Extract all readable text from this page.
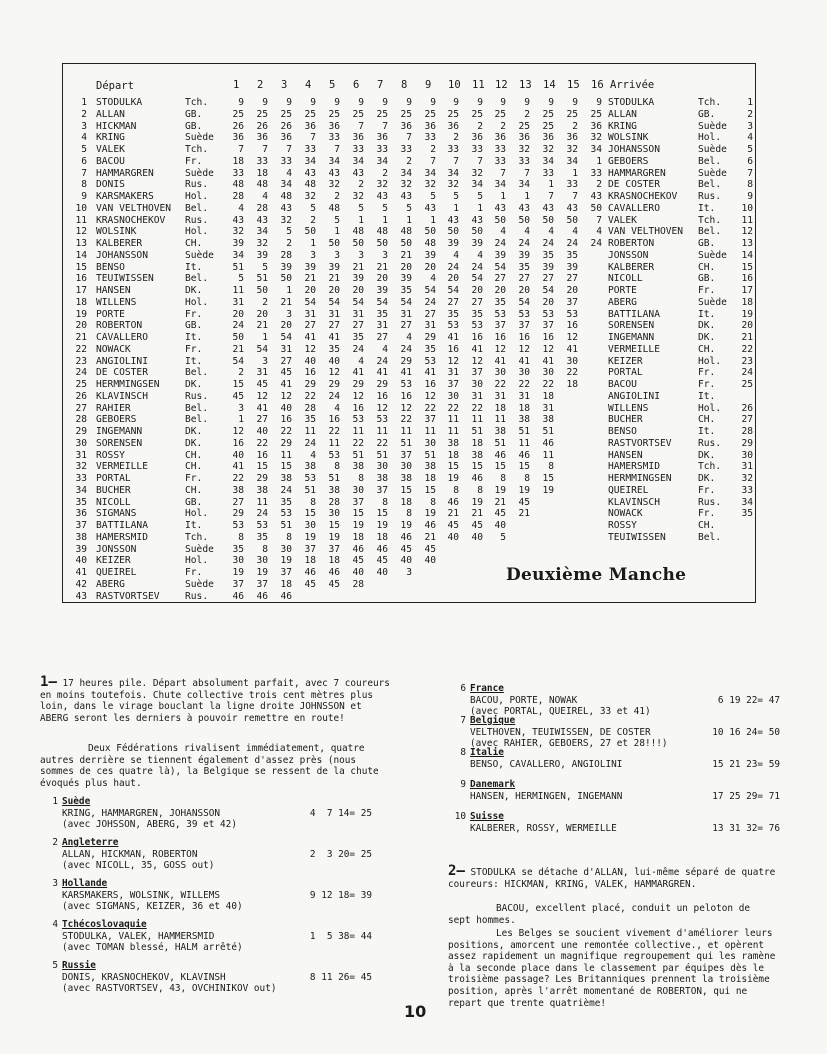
Départ	Arrivée
1 2 3 4 5 6 7 8 9 10 11 12 13 14 15 16
1 STODULKA	Tch.	9	9	9	9	9	9	9	9	9	9	9	9	9	9	9	9 STODULKA	Tch.	1
2 ALLAN	GB.	25	25	25	25	25	25	25	25	25	25	25	25	2	25	25	25 ALLAN	GB.	2
3 HICKMAN	GB.	26	26	26	36	36	7	7	36	36	36	2	2	25	25	2	36 KRING	Suède	3
4 KRING	Suède	36	36	36	7	33	36	36	7	33	2	36	36	36	36	36	32 WOLSINK	Hol.	4
5 VALEK	Tch.	7	7	7	33	7	33	33	33	2	33	33	33	32	32	32	34 JOHANSSON	Suède	5
6 BACOU	Fr.	18	33	33	34	34	34	34	2	7	7	7	33	33	34	34	1 GEBOERS	Bel.	6
7 HAMMARGREN	Suède	33	18	4	43	43	43	2	34	34	34	32	7	7	33	1	33 HAMMARGREN	Suède	7
8 DONIS	Rus.	48	48	34	48	32	2	32	32	32	32	34	34	34	1	33	2 DE COSTER	Bel.	8
9 KARSMAKERS	Hol.	28	4	48	32	2	32	43	43	5	5	5	1	1	7	7	43 KRASNOCHEKOV Rus.	9
10 VAN VELTHOVEN Bel.	4	28	43	5	48	5	5	5	43	1	1	43	43	43	43	50 CAVALLERO	It.	10
11 KRASNOCHEKOV Rus.	43	43	32	2	5	1	1	1	1	43	43	50	50	50	50	7 VALEK	Tch.	11
12 WOLSINK	Hol.	32	34	5	50	1	48	48	48	50	50	50	4	4	4	4	4 VAN VELTHOVEN Bel.	12
13 KALBERER	CH.	39	32	2	1	50	50	50	50	48	39	39	24	24	24	24	24 ROBERTON	GB.	13
14 JOHANSSON	Suède	34	39	28	3	3	3	3	21	39	4	4	39	39	35	35	JONSSON	Suède	14
15 BENSO	It.	51	5	39	39	39	21	21	20	20	24	24	54	35	39	39	KALBERER	CH.	15
16 TEUIWISSEN	Bel.	5	51	50	21	21	39	20	39	4	20	54	27	27	27	27	NICOLL	GB.	16
17 HANSEN	DK.	11	50	1	20	20	20	39	35	54	54	20	20	20	54	20	PORTE	Fr.	17
18 WILLENS	Hol.	31	2	21	54	54	54	54	54	24	27	27	35	54	20	37	ABERG	Suède	18
19 PORTE	Fr.	20	20	3	31	31	31	35	31	27	35	35	53	53	53	53	BATTILANA	It.	19
20 ROBERTON	GB.	24	21	20	27	27	27	31	27	31	53	53	37	37	37	16	SORENSEN	DK.	20
21 CAVALLERO	It.	50	1	54	41	41	35	27	4	29	41	16	16	16	16	12	INGEMANN	DK.	21
22 NOWACK	Fr.	21	54	31	12	35	24	4	24	35	16	41	12	12	12	41	VERMEILLE	CH.	22
23 ANGIOLINI	It.	54	3	27	40	40	4	24	29	53	12	12	41	41	41	30	KEIZER	Hol.	23
24 DE COSTER	Bel.	2	31	45	16	12	41	41	41	41	31	37	30	30	30	22	PORTAL	Fr.	24
25 HERMMINGSEN	DK.	15	45	41	29	29	29	29	53	16	37	30	22	22	22	18	BACOU	Fr.	25
26 KLAVINSCH	Rus.	45	12	12	22	24	12	16	16	12	30	31	31	31	18	ANGIOLINI	It.
27 RAHIER	Bel.	3	41	40	28	4	16	12	12	22	22	22	18	18	31	WILLENS	Hol.	26
28 GEBOERS	Bel.	1	27	16	35	16	53	53	22	37	11	11	11	38	38	BUCHER	CH.	27
29 INGEMANN	DK.	12	40	22	11	22	11	11	11	11	11	51	38	51	51	BENSO	It.	28
30 SORENSEN	DK.	16	22	29	24	11	22	22	51	30	38	18	51	11	46	RASTVORTSEV	Rus.	29
31 ROSSY	CH.	40	16	11	4	53	51	51	37	51	18	38	46	46	11	HANSEN	DK.	30
32 VERMEILLE	CH.	41	15	15	38	8	38	30	30	38	15	15	15	15	8	HAMERSMID	Tch.	31
33 PORTAL	Fr.	22	29	38	53	51	8	38	38	18	19	46	8	8	15	HERMMINGSEN	DK.	32
34 BUCHER	CH.	38	38	24	51	38	30	37	15	15	8	8	19	19	19	QUEIREL	Fr.	33
35 NICOLL	GB.	27	11	35	8	28	37	8	18	8	46	19	21	45	KLAVINSCH	Rus.	34
36 SIGMANS	Hol.	29	24	53	15	30	15	15	8	19	21	21	45	21	NOWACK	Fr.	35
37 BATTILANA	It.	53	53	51	30	15	19	19	19	46	45	45	40	ROSSY	CH.
38 HAMERSMID	Tch.	8	35	8	19	19	18	18	46	21	40	40	5	TEUIWISSEN	Bel.
39 JONSSON	Suède	35	8	30	37	37	46	46	45	45
40 KEIZER	Hol.	30	30	19	18	18	45	45	40	40
41 QUEIREL	Fr.	19	19	37	46	46	40	40	3
42 ABERG	Suède	37	37	18	45	45	28
43 RASTVORTSEV	Rus.	46	46	46
Deuxième Manche
1– 17 heures pile. Départ absolument parfait, avec 7 coureurs en moins toutefois. Chute collective trois cent mètres plus loin, dans le virage bouclant la ligne droite JOHNSSON et ABERG seront les derniers à pouvoir remettre en route!
Deux Fédérations rivalisent immédiatement, quatre autres derrière se tiennent également d'assez près (nous sommes de ces quatre là), la Belgique se ressent de la chute évoqués plus haut.
1Suède
KRING, HAMMARGREN, JOHANSSON	4  7 14= 25
(avec JOHSSON, ABERG, 39 et 42)
2Angleterre
ALLAN, HICKMAN, ROBERTON	2  3 20= 25
(avec NICOLL, 35, GOSS out)
3Hollande
KARSMAKERS, WOLSINK, WILLEMS	9 12 18= 39
(avec SIGMANS, KEIZER, 36 et 40)
4Tchécoslovaquie
STODULKA, VALEK, HAMMERSMID	1  5 38= 44
(avec TOMAN blessé, HALM arrêté)
5Russie
DONIS, KRASNOCHEKOV, KLAVINSH	8 11 26= 45
(avec RASTVORTSEV, 43, OVCHINIKOV out)
6France
BACOU, PORTE, NOWAK	6 19 22= 47
(avec PORTAL, QUEIREL, 33 et 41)
7Belgique
VELTHOVEN, TEUIWISSEN, DE COSTER	10 16 24= 50
(avec RAHIER, GEBOERS, 27 et 28!!!)
8Italie
BENSO, CAVALLERO, ANGIOLINI	15 21 23= 59
9Danemark
HANSEN, HERMINGEN, INGEMANN	17 25 29= 71
10Suisse
KALBERER, ROSSY, WERMEILLE	13 31 32= 76
2– STODULKA se détache d'ALLAN, lui-même séparé de quatre coureurs: HICKMAN, KRING, VALEK, HAMMARGREN.
BACOU, excellent placé, conduit un peloton de sept hommes.
Les Belges se soucient vivement d'améliorer leurs positions, amorcent une remontée collective., et opèrent assez rapidement un magnifique regroupement qui les ramène à la seconde place dans le classement par équipes dès le troisième passage? Les Britanniques prennent la troisième position, après l'arrêt momentané de ROBERTON, qui ne repart que trente quatrième!
10
